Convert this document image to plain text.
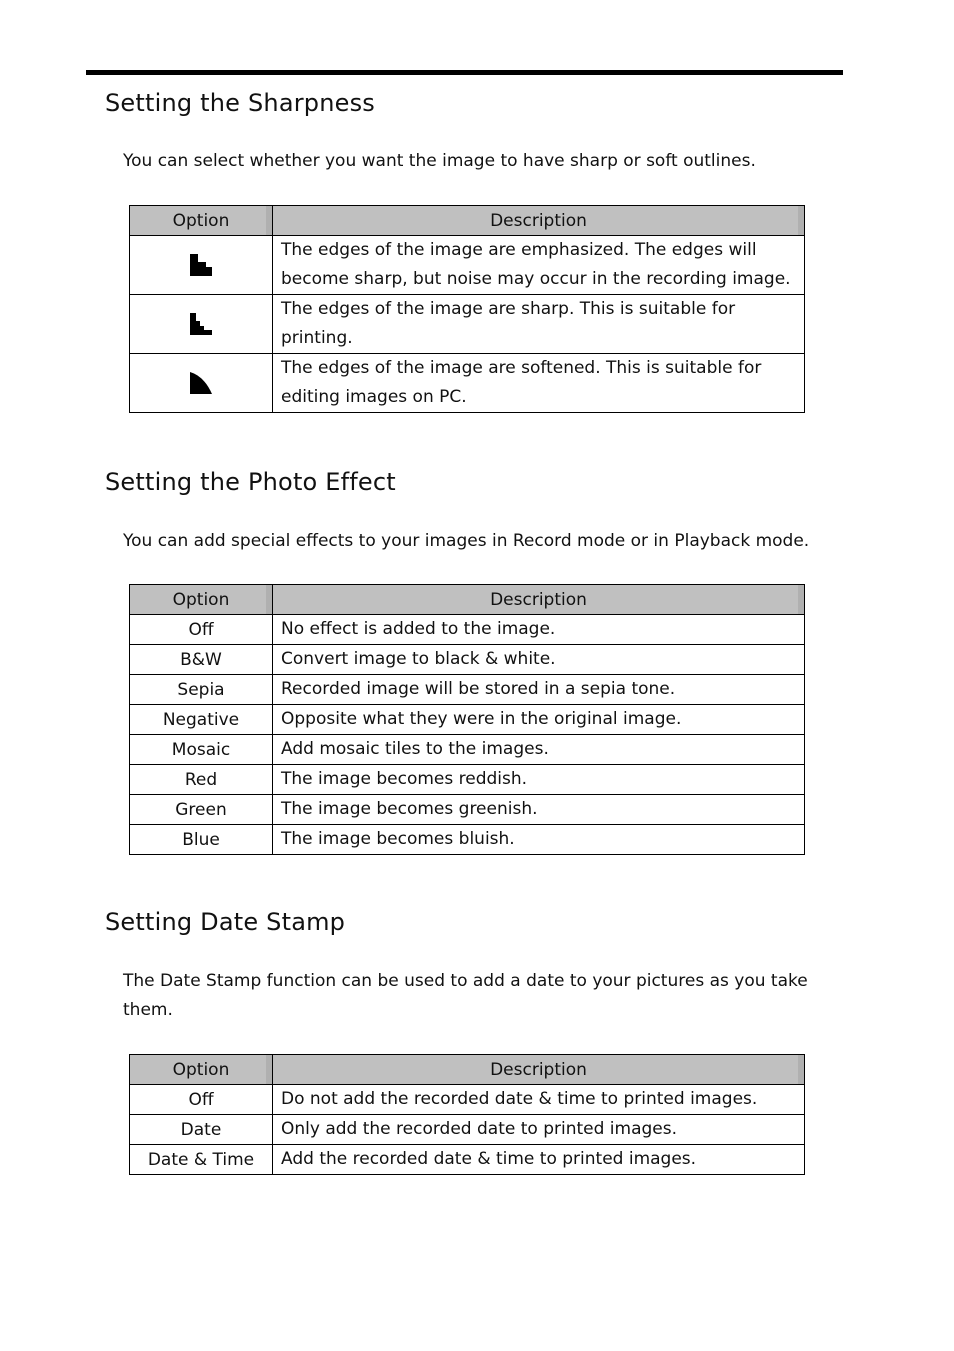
Setting the Sharpness

You can select whether you want the image to have sharp or soft outlines.

Option	Description

	The edges of the image are emphasized. The edges will become sharp, but noise may occur in the recording image.

	The edges of the image are sharp. This is suitable for printing.

	The edges of the image are softened. This is suitable for editing images on PC.
Setting the Photo Effect

You can add special effects to your images in Record mode or in Playback mode.

Option	Description
Off	No effect is added to the image.
B&W	Convert image to black & white.
Sepia	Recorded image will be stored in a sepia tone.
Negative	Opposite what they were in the original image.
Mosaic	Add mosaic tiles to the images.
Red	The image becomes reddish.
Green	The image becomes greenish.
Blue	The image becomes bluish.
Setting Date Stamp

The Date Stamp function can be used to add a date to your pictures as you take them.

Option	Description
Off	Do not add the recorded date & time to printed images.
Date	Only add the recorded date to printed images.
Date & Time	Add the recorded date & time to printed images.
